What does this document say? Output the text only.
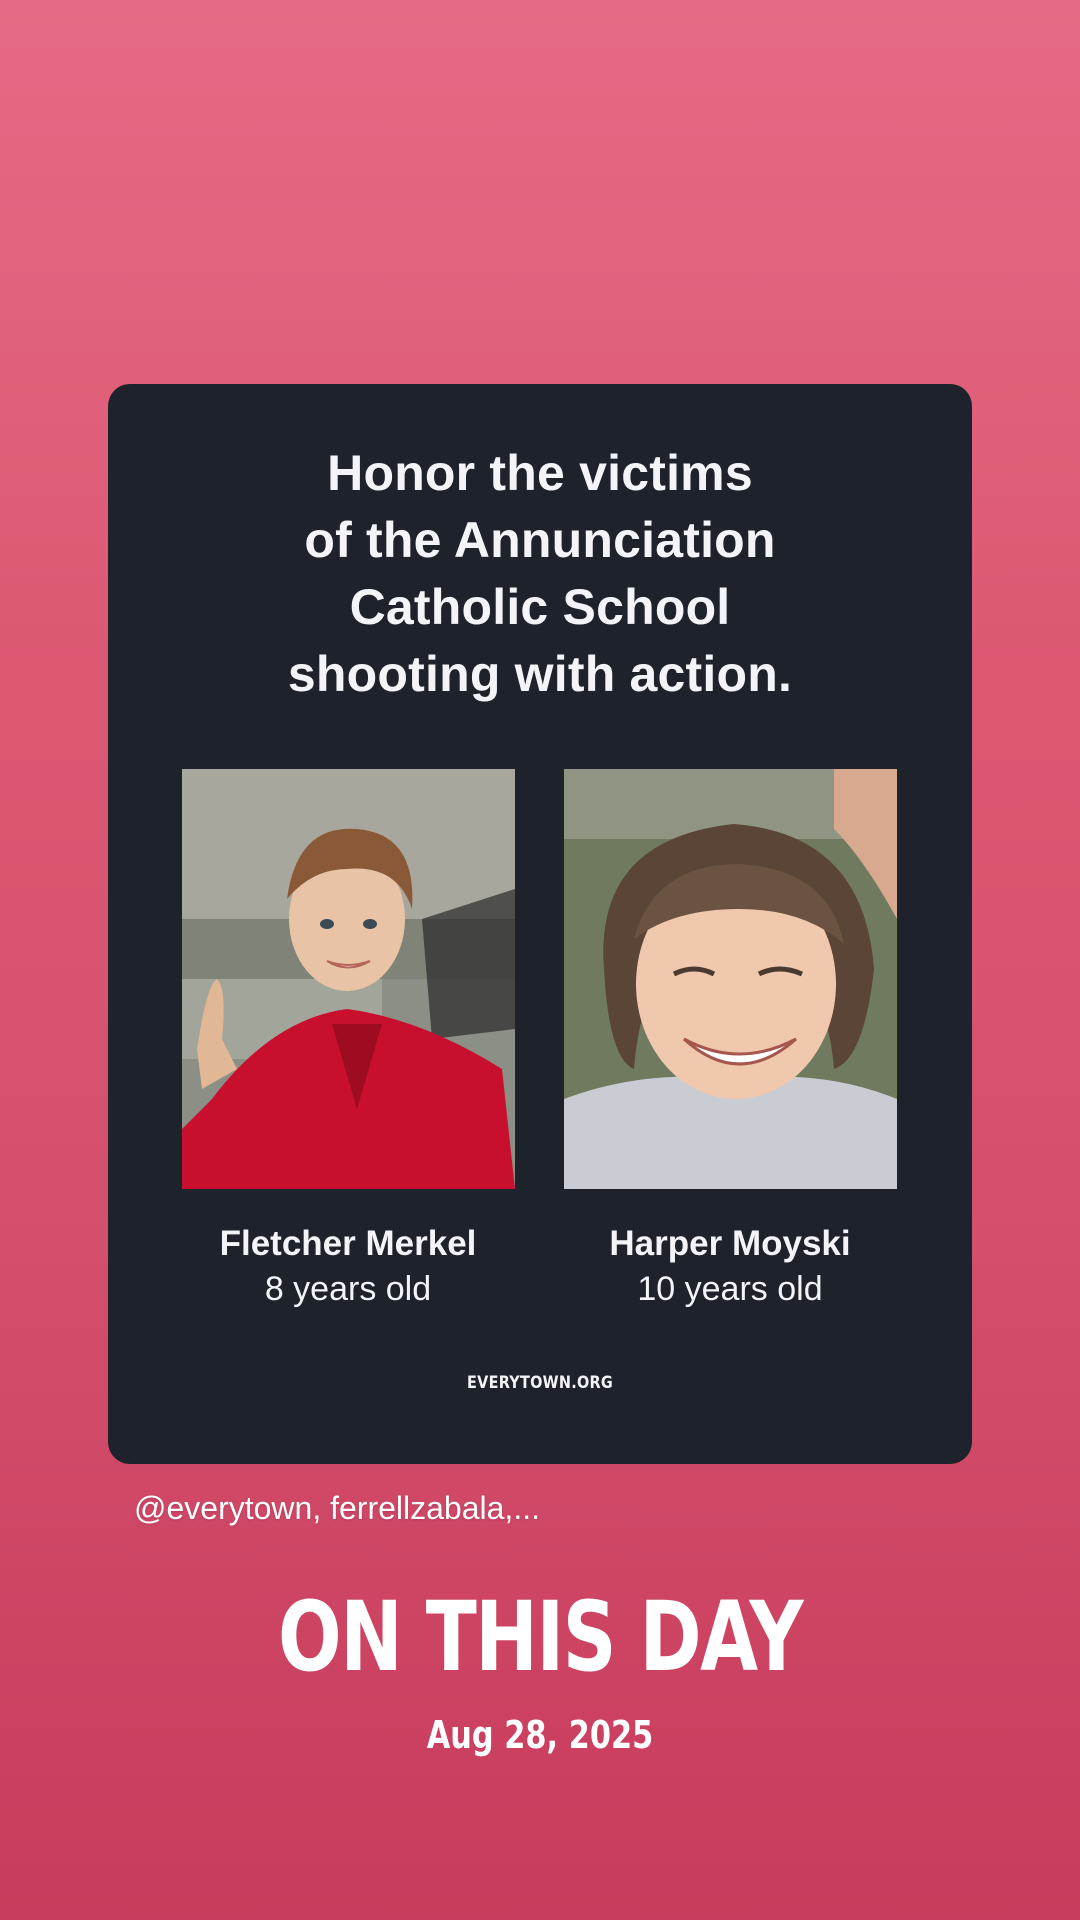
Honor the victims
of the Annunciation
Catholic School
shooting with action.
Fletcher Merkel
8 years old
Harper Moyski
10 years old
EVERYTOWN.ORG
@everytown, ferrellzabala,...
ON THIS DAY
Aug 28, 2025
